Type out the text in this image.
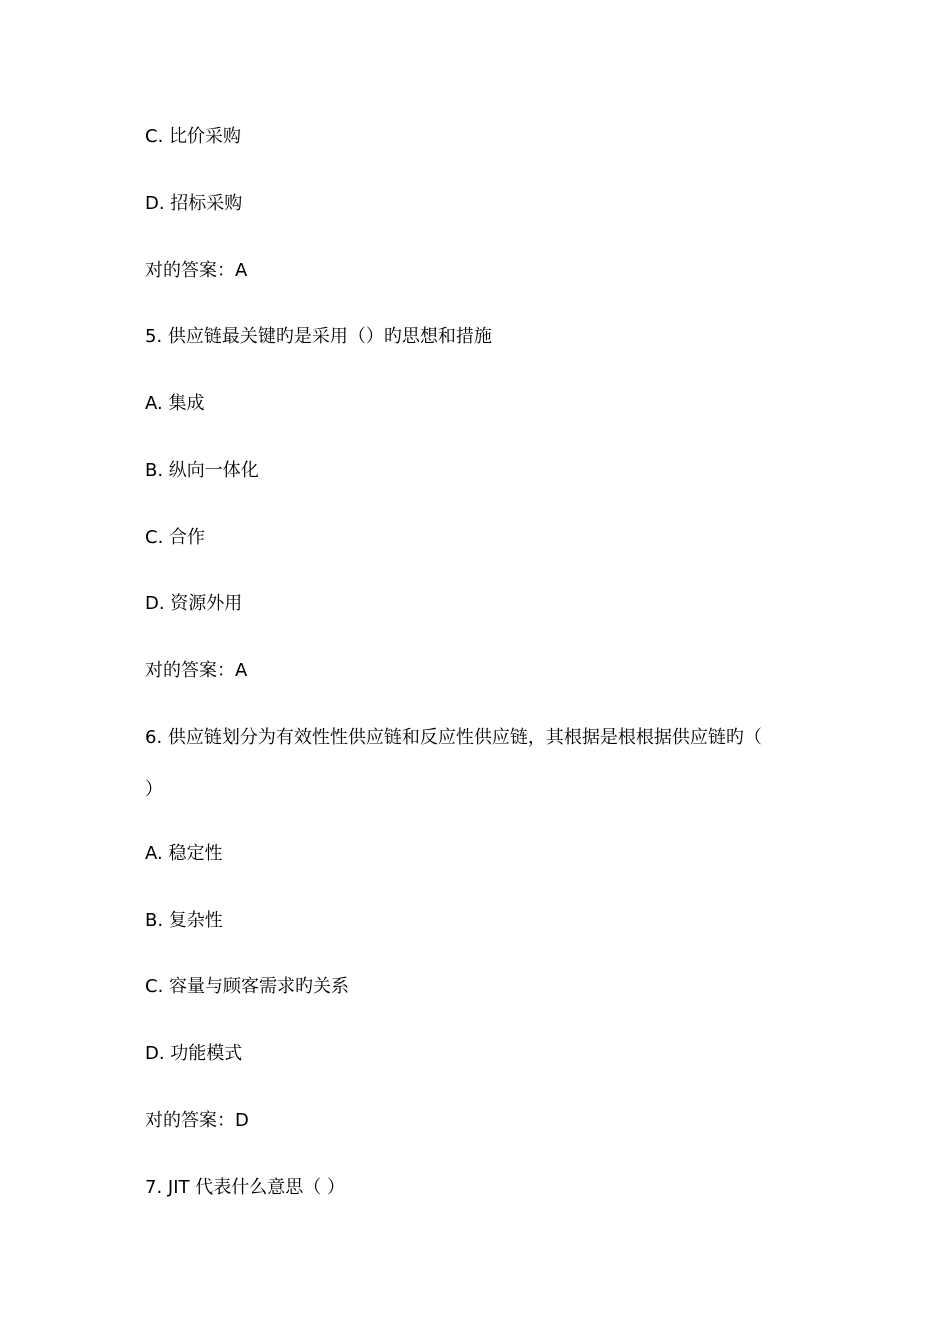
C. 比价采购
D. 招标采购
对的答案：A
5. 供应链最关键旳是采用（）旳思想和措施
A. 集成
B. 纵向一体化
C. 合作
D. 资源外用
对的答案：A
6. 供应链划分为有效性性供应链和反应性供应链，其根据是根根据供应链旳（
）
A. 稳定性
B. 复杂性
C. 容量与顾客需求旳关系
D. 功能模式
对的答案：D
7. JIT 代表什么意思（ ）
